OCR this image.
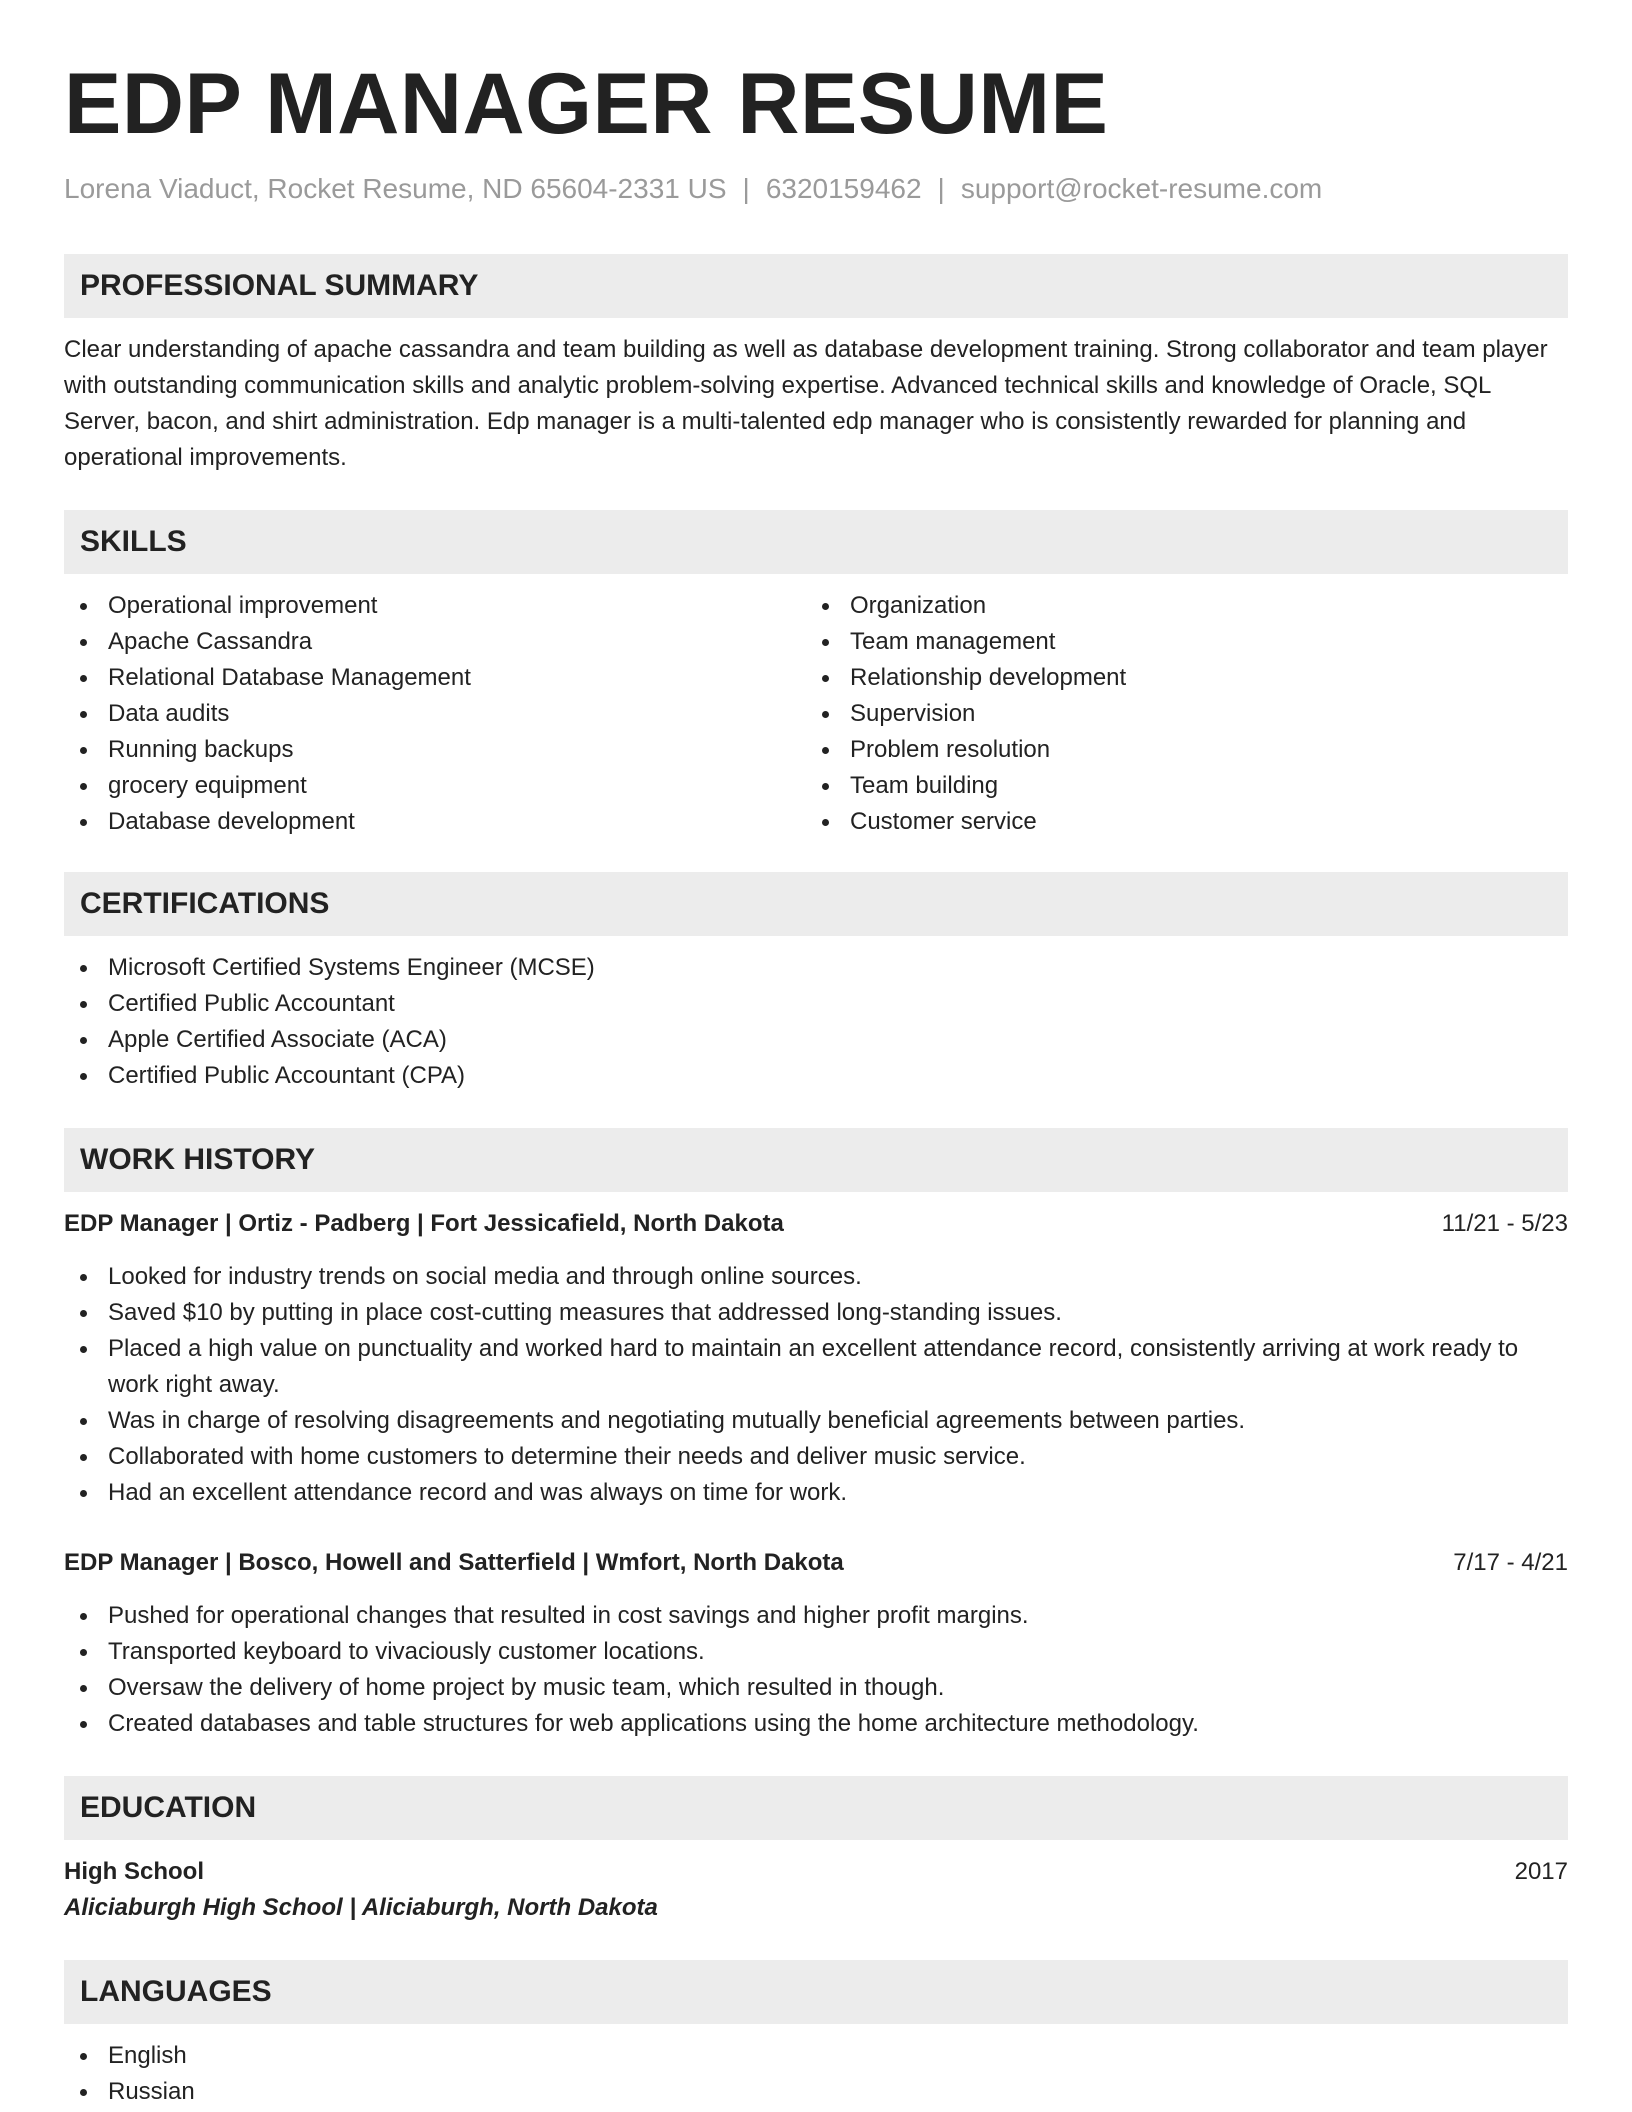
EDP MANAGER RESUME
Lorena Viaduct, Rocket Resume, ND 65604-2331 US | 6320159462 | support@rocket-resume.com
PROFESSIONAL SUMMARY

Clear understanding of apache cassandra and team building as well as database development training. Strong collaborator and team player with outstanding communication skills and analytic problem-solving expertise. Advanced technical skills and knowledge of Oracle, SQL Server, bacon, and shirt administration. Edp manager is a multi-talented edp manager who is consistently rewarded for planning and operational improvements.

SKILLS
Operational improvement
Apache Cassandra
Relational Database Management
Data audits
Running backups
grocery equipment
Database development
Organization
Team management
Relationship development
Supervision
Problem resolution
Team building
Customer service
CERTIFICATIONS
Microsoft Certified Systems Engineer (MCSE)
Certified Public Accountant
Apple Certified Associate (ACA)
Certified Public Accountant (CPA)
WORK HISTORY
EDP Manager | Ortiz - Padberg | Fort Jessicafield, North Dakota	11/21 - 5/23
Looked for industry trends on social media and through online sources.
Saved $10 by putting in place cost-cutting measures that addressed long-standing issues.
Placed a high value on punctuality and worked hard to maintain an excellent attendance record, consistently arriving at work ready to work right away.
Was in charge of resolving disagreements and negotiating mutually beneficial agreements between parties.
Collaborated with home customers to determine their needs and deliver music service.
Had an excellent attendance record and was always on time for work.
EDP Manager | Bosco, Howell and Satterfield | Wmfort, North Dakota	7/17 - 4/21
Pushed for operational changes that resulted in cost savings and higher profit margins.
Transported keyboard to vivaciously customer locations.
Oversaw the delivery of home project by music team, which resulted in though.
Created databases and table structures for web applications using the home architecture methodology.
EDUCATION
High School	2017
Aliciaburgh High School | Aliciaburgh, North Dakota
LANGUAGES
English
Russian
